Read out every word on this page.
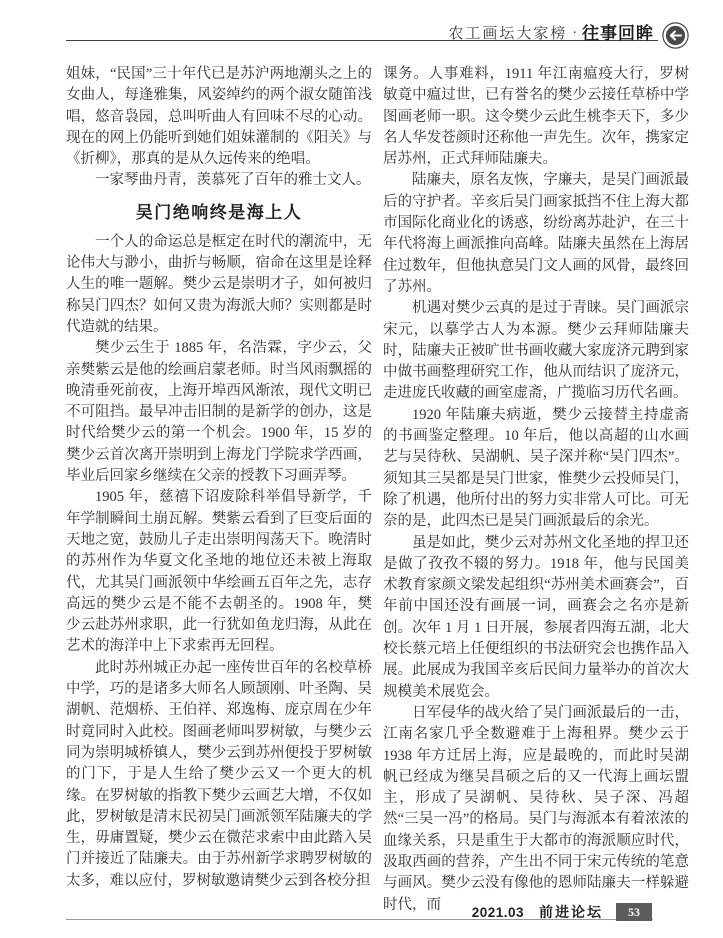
农工画坛大家榜 · 往事回眸

姐妹，“民国”三十年代已是苏沪两地潮头之上的女曲人，每逢雅集，风姿绰约的两个淑女随笛浅唱，悠音袅园，总叫听曲人有回味不尽的心动。现在的网上仍能听到她们姐妹灌制的《阳关》与《折柳》，那真的是从久远传来的绝唱。

一家琴曲丹青，羡慕死了百年的雅士文人。

吴门绝响终是海上人

一个人的命运总是框定在时代的潮流中，无论伟大与渺小，曲折与畅顺，宿命在这里是诠释人生的唯一题解。樊少云是崇明才子，如何被归称吴门四杰？如何又贵为海派大师？实则都是时代造就的结果。

樊少云生于 1885 年，名浩霖，字少云，父亲樊紫云是他的绘画启蒙老师。时当风雨飘摇的晚清垂死前夜，上海开埠西风渐浓，现代文明已不可阻挡。最早冲击旧制的是新学的创办，这是时代给樊少云的第一个机会。1900 年，15 岁的樊少云首次离开崇明到上海龙门学院求学西画，毕业后回家乡继续在父亲的授教下习画弄琴。

1905 年，慈禧下诏废除科举倡导新学，千年学制瞬间土崩瓦解。樊紫云看到了巨变后面的天地之宽，鼓励儿子走出崇明闯荡天下。晚清时的苏州作为华夏文化圣地的地位还未被上海取代，尤其吴门画派领中华绘画五百年之先，志存高远的樊少云是不能不去朝圣的。1908 年，樊少云赴苏州求职，此一行犹如鱼龙归海，从此在艺术的海洋中上下求索再无回程。

此时苏州城正办起一座传世百年的名校草桥中学，巧的是诸多大师名人顾颉刚、叶圣陶、吴湖帆、范烟桥、王伯祥、郑逸梅、庞京周在少年时竟同时入此校。图画老师叫罗树敏，与樊少云同为崇明城桥镇人，樊少云到苏州便投于罗树敏的门下，于是人生给了樊少云又一个更大的机缘。在罗树敏的指教下樊少云画艺大增，不仅如此，罗树敏是清末民初吴门画派领军陆廉夫的学生，毋庸置疑，樊少云在微茫求索中由此踏入吴门并接近了陆廉夫。由于苏州新学求聘罗树敏的太多，难以应付，罗树敏邀请樊少云到各校分担

课务。人事难料，1911 年江南瘟疫大行，罗树敏竟中瘟过世，已有誉名的樊少云接任草桥中学图画老师一职。这令樊少云此生桃李天下，多少名人华发苍颜时还称他一声先生。次年，携家定居苏州，正式拜师陆廉夫。

陆廉夫，原名友恢，字廉夫，是吴门画派最后的守护者。辛亥后吴门画家抵挡不住上海大都市国际化商业化的诱惑，纷纷离苏赴沪，在三十年代将海上画派推向高峰。陆廉夫虽然在上海居住过数年，但他执意吴门文人画的风骨，最终回了苏州。

机遇对樊少云真的是过于青睐。吴门画派宗宋元，以摹学古人为本源。樊少云拜师陆廉夫时，陆廉夫正被旷世书画收藏大家庞济元聘到家中做书画整理研究工作，他从而结识了庞济元，走进庞氏收藏的画室虚斋，广揽临习历代名画。

1920 年陆廉夫病逝，樊少云接替主持虚斋的书画鉴定整理。10 年后，他以高超的山水画艺与吴待秋、吴湖帆、吴子深并称“吴门四杰”。须知其三吴都是吴门世家，惟樊少云投师吴门，除了机遇，他所付出的努力实非常人可比。可无奈的是，此四杰已是吴门画派最后的余光。

虽是如此，樊少云对苏州文化圣地的捍卫还是做了孜孜不辍的努力。1918 年，他与民国美术教育家颜文梁发起组织“苏州美术画赛会”，百年前中国还没有画展一词，画赛会之名亦是新创。次年 1 月 1 日开展，参展者四海五湖，北大校长蔡元培上任便组织的书法研究会也携作品入展。此展成为我国辛亥后民间力量举办的首次大规模美术展览会。

日军侵华的战火给了吴门画派最后的一击，江南名家几乎全数避难于上海租界。樊少云于 1938 年方迁居上海，应是最晚的，而此时吴湖帆已经成为继吴昌硕之后的又一代海上画坛盟主，形成了吴湖帆、吴待秋、吴子深、冯超然“三吴一冯”的格局。吴门与海派本有着浓浓的血缘关系，只是重生于大都市的海派顺应时代，汲取西画的营养，产生出不同于宋元传统的笔意与画风。樊少云没有像他的恩师陆廉夫一样躲避时代，而	2021.03 前进论坛	53
